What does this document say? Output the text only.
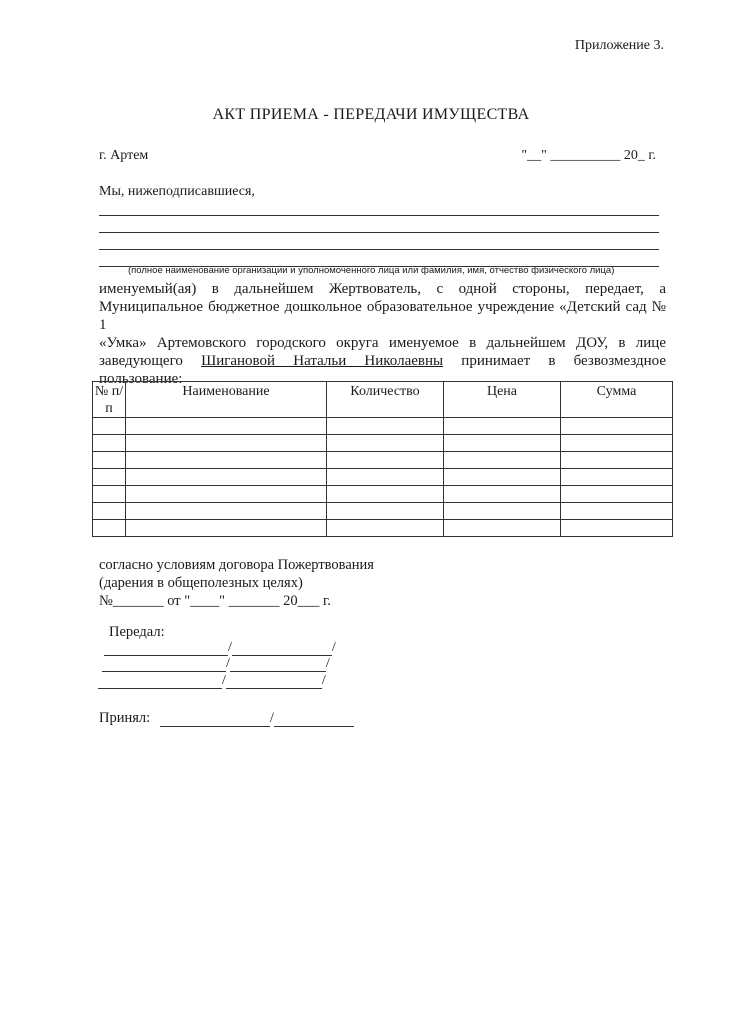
Приложение 3.
АКТ ПРИЕМА - ПЕРЕДАЧИ ИМУЩЕСТВА
г. Артем	"__" __________ 20_ г.
Мы, нижеподписавшиеся,
(полное наименование организации и уполномоченного лица или фамилия, имя, отчество физического лица)
именуемый(ая) в дальнейшем Жертвователь, с одной стороны, передает, а
Муниципальное бюджетное дошкольное образовательное учреждение «Детский сад № 1
«Умка» Артемовского городского округа именуемое в дальнейшем ДОУ, в лице
заведующего Шигановой Натальи Николаевны принимает в безвозмездное
пользование:
№ п/п	Наименование	Количество	Цена	Сумма

согласно условиям договора Пожертвования
(дарения в общеполезных целях)
№_______ от "____" _______ 20___ г.
Передал:
/	/
/	/
/	/
Принял:	/
